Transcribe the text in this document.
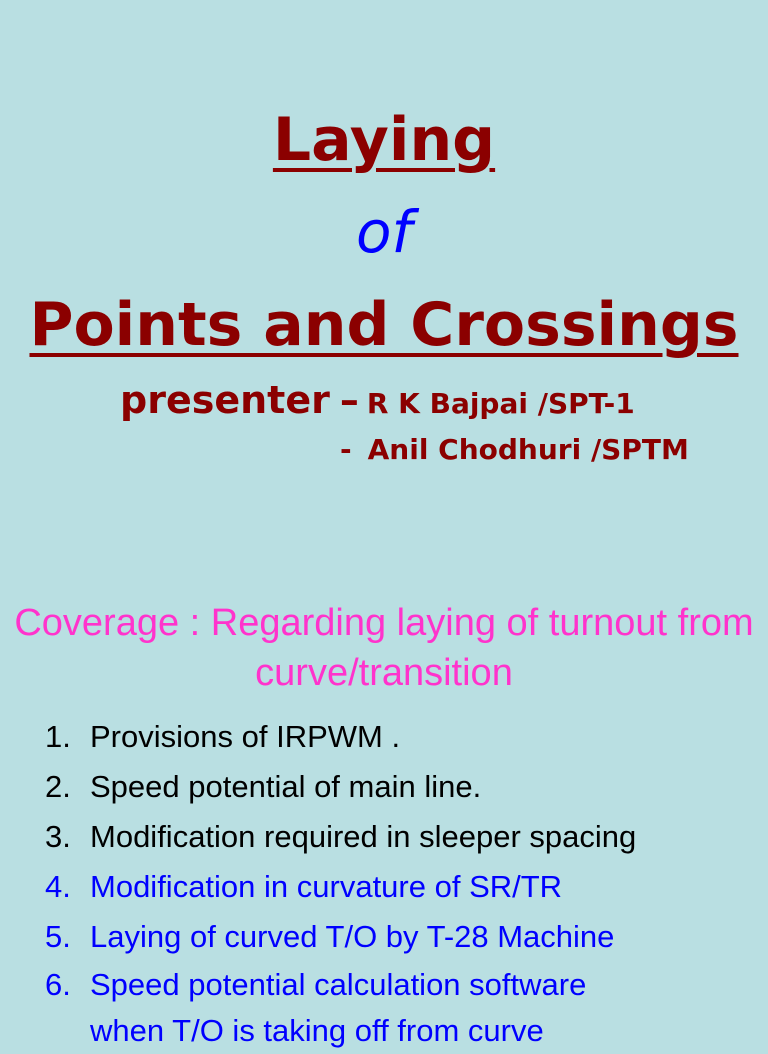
Laying
of
Points and Crossings
presenter – R K Bajpai /SPT-1
- Anil Chodhuri /SPTM
Coverage : Regarding laying of turnout from curve/transition
1. Provisions of IRPWM .
2. Speed potential of main line.
3. Modification required in sleeper spacing
4. Modification in curvature of SR/TR
5. Laying of curved T/O by T-28 Machine
6. Speed potential calculation software when T/O is taking off from curve
